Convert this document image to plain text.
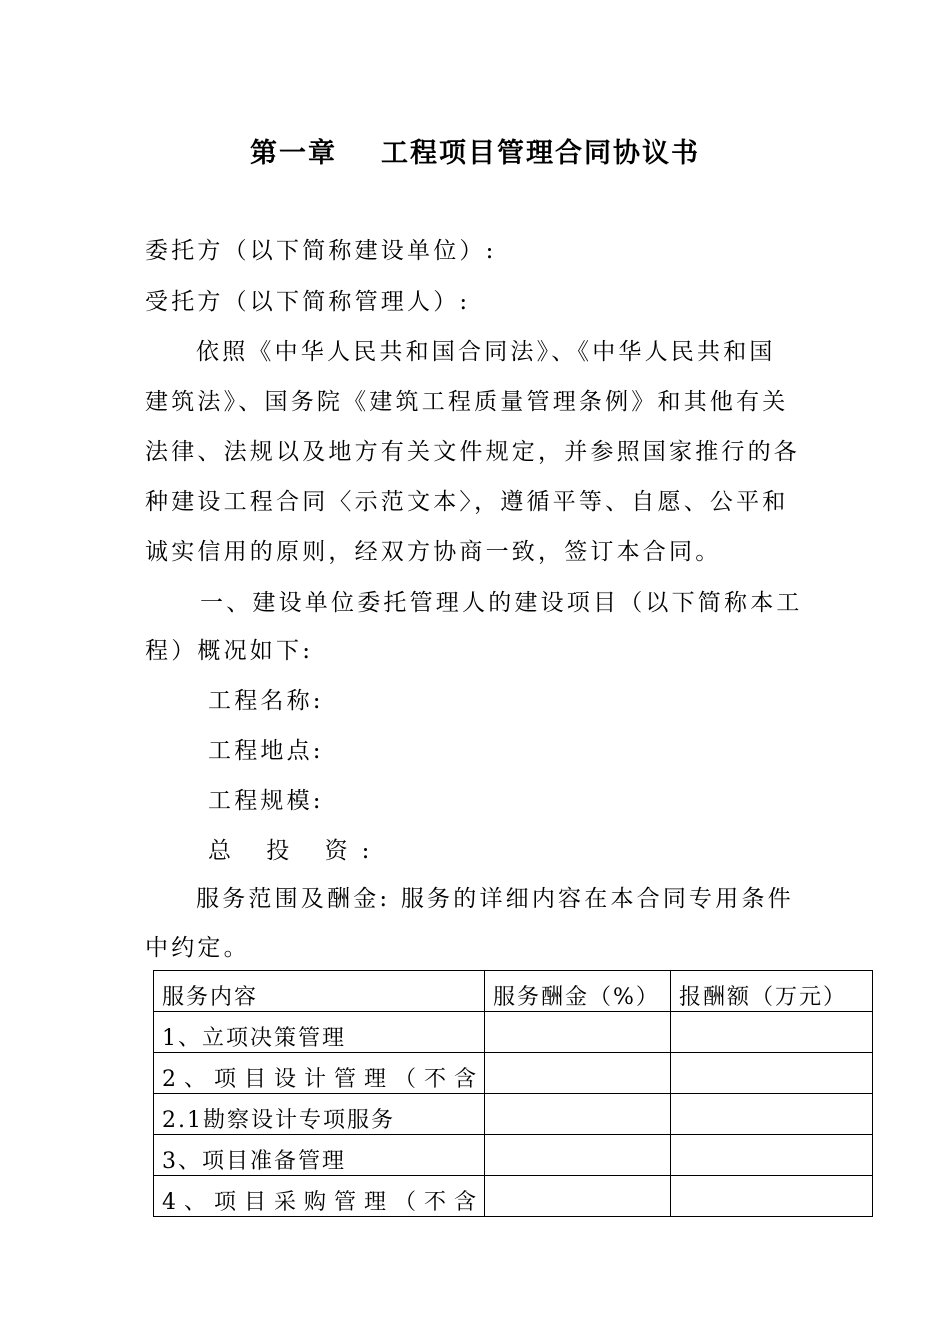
第一章 工程项目管理合同协议书
委托方（以下简称建设单位）:
受托方（以下简称管理人）:
依照《中华人民共和国合同法》、《中华人民共和国
建筑法》、国务院《建筑工程质量管理条例》和其他有关
法律、法规以及地方有关文件规定，并参照国家推行的各
种建设工程合同〈示范文本〉，遵循平等、自愿、公平和
诚实信用的原则，经双方协商一致，签订本合同。
一、建设单位委托管理人的建设项目（以下简称本工
程）概况如下:
工程名称:
工程地点:
工程规模:
总 投 资:
服务范围及酬金: 服务的详细内容在本合同专用条件
中约定。
服务内容	服务酬金（%）	报酬额（万元）
1、立项决策管理		
2、项目设计管理（不含		
2.1勘察设计专项服务		
3、项目准备管理		
4、项目采购管理（不含		
